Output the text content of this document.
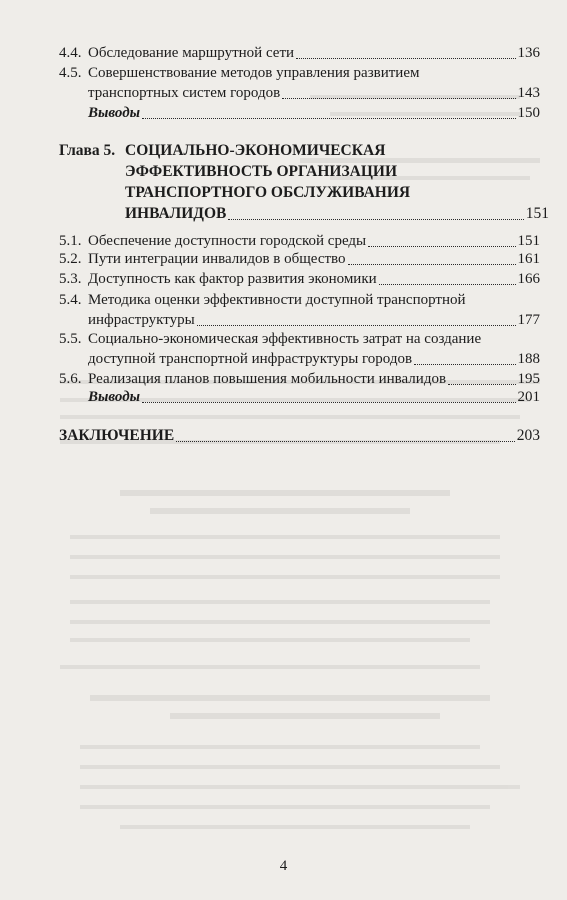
4.4. Обследование маршрутной сети	136
4.5. Совершенствование методов управления развитием
транспортных систем городов	143
Выводы	150
Глава 5. СОЦИАЛЬНО-ЭКОНОМИЧЕСКАЯ
ЭФФЕКТИВНОСТЬ ОРГАНИЗАЦИИ
ТРАНСПОРТНОГО ОБСЛУЖИВАНИЯ
ИНВАЛИДОВ	151
5.1. Обеспечение доступности городской среды	151
5.2. Пути интеграции инвалидов в общество	161
5.3. Доступность как фактор развития экономики	166
5.4. Методика оценки эффективности доступной транспортной
инфраструктуры	177
5.5. Социально-экономическая эффективность затрат на создание
доступной транспортной инфраструктуры городов	188
5.6. Реализация планов повышения мобильности инвалидов	195
Выводы	201
ЗАКЛЮЧЕНИЕ	203
4
